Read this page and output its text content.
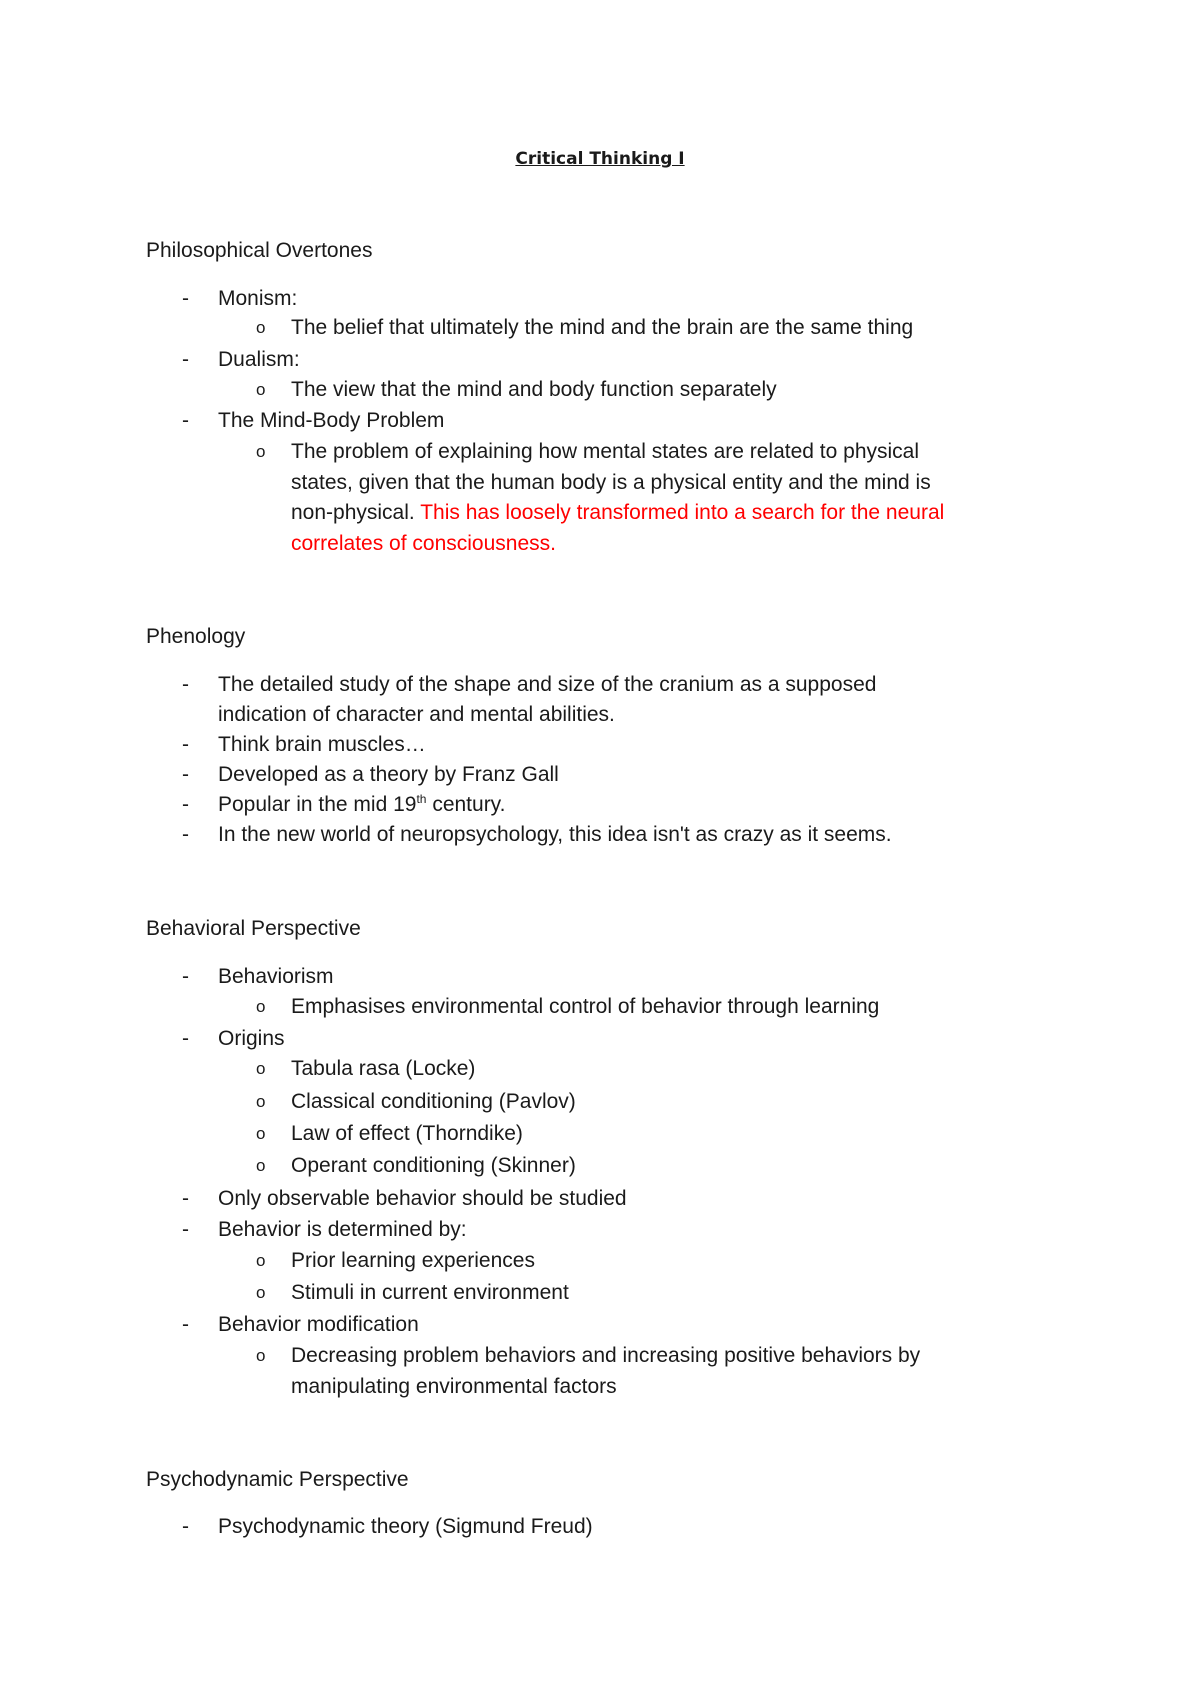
Critical Thinking I
Philosophical Overtones
- Monism:
o The belief that ultimately the mind and the brain are the same thing
- Dualism:
o The view that the mind and body function separately
- The Mind-Body Problem
o The problem of explaining how mental states are related to physical
states, given that the human body is a physical entity and the mind is
non-physical. This has loosely transformed into a search for the neural
correlates of consciousness.
Phenology
- The detailed study of the shape and size of the cranium as a supposed
indication of character and mental abilities.
- Think brain muscles…
- Developed as a theory by Franz Gall
- Popular in the mid 19th century.
- In the new world of neuropsychology, this idea isn't as crazy as it seems.
Behavioral Perspective
- Behaviorism
o Emphasises environmental control of behavior through learning
- Origins
o Tabula rasa (Locke)
o Classical conditioning (Pavlov)
o Law of effect (Thorndike)
o Operant conditioning (Skinner)
- Only observable behavior should be studied
- Behavior is determined by:
o Prior learning experiences
o Stimuli in current environment
- Behavior modification
o Decreasing problem behaviors and increasing positive behaviors by
manipulating environmental factors
Psychodynamic Perspective
- Psychodynamic theory (Sigmund Freud)
